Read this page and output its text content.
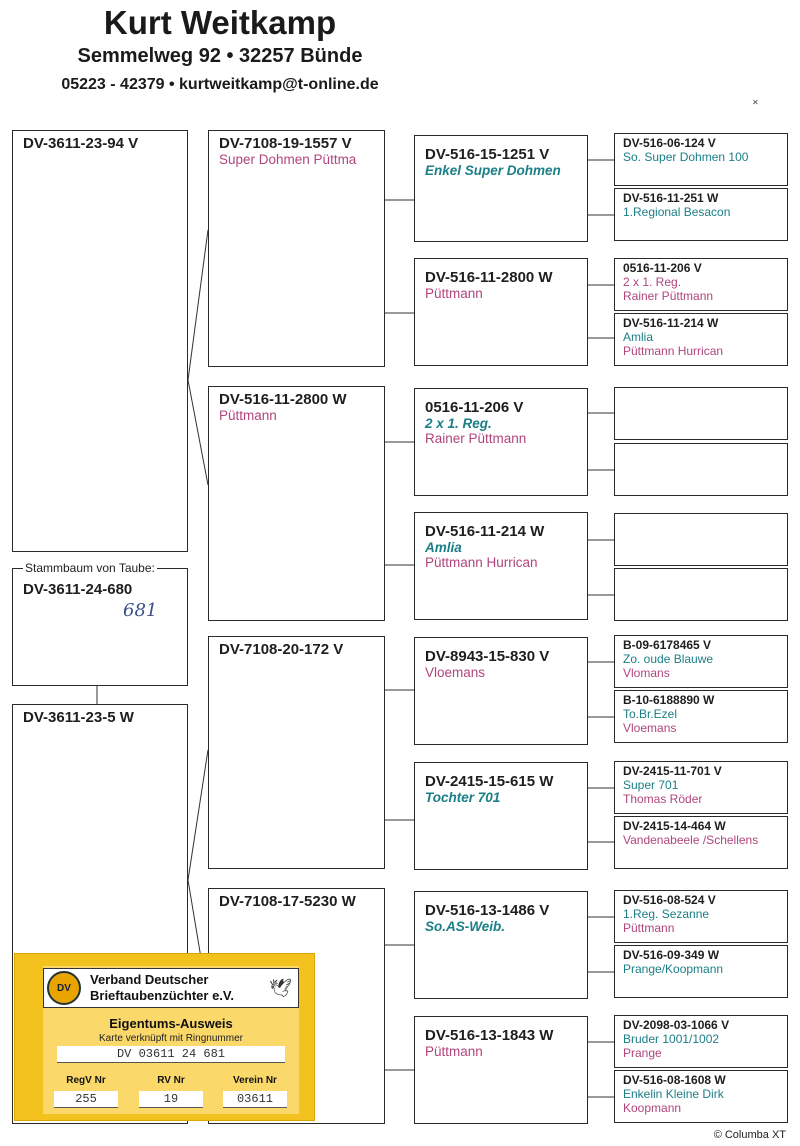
Kurt Weitkamp
Semmelweg 92 • 32257 Bünde
05223 - 42379 • kurtweitkamp@t-online.de
✕
DV-3611-23-94 V
Stammbaum von Taube:
DV-3611-24-680
681
DV-3611-23-5 W
DV-7108-19-1557 V
Super Dohmen Püttma
DV-516-11-2800 W
Püttmann
DV-7108-20-172 V
DV-7108-17-5230 W
DV-516-15-1251 V
Enkel Super Dohmen
DV-516-11-2800 W
Püttmann
0516-11-206 V
2 x 1. Reg.
Rainer Püttmann
DV-516-11-214 W
Amlia
Püttmann Hurrican
DV-8943-15-830 V
Vloemans
DV-2415-15-615 W
Tochter 701
DV-516-13-1486 V
So.AS-Weib.
DV-516-13-1843 W
Püttmann
DV-516-06-124 V
So. Super Dohmen 100
DV-516-11-251 W
1.Regional Besacon
0516-11-206 V
2 x 1. Reg.
Rainer Püttmann
DV-516-11-214 W
Amlia
Püttmann Hurrican
B-09-6178465 V
Zo. oude Blauwe
Vlomans
B-10-6188890 W
To.Br.Ezel
Vloemans
DV-2415-11-701 V
Super 701
Thomas Röder
DV-2415-14-464 W
Vandenabeele /Schellens
DV-516-08-524 V
1.Reg. Sezanne
Püttmann
DV-516-09-349 W
Prange/Koopmann
DV-2098-03-1066 V
Bruder 1001/1002
Prange
DV-516-08-1608 W
Enkelin Kleine Dirk
Koopmann
DV
Verband Deutscher
Brieftaubenzüchter e.V. 🕊
Eigentums-Ausweis
Karte verknüpft mit Ringnummer
DV 03611 24 681
RegV Nr	RV Nr	Verein Nr
255	19	03611
© Columba XT
